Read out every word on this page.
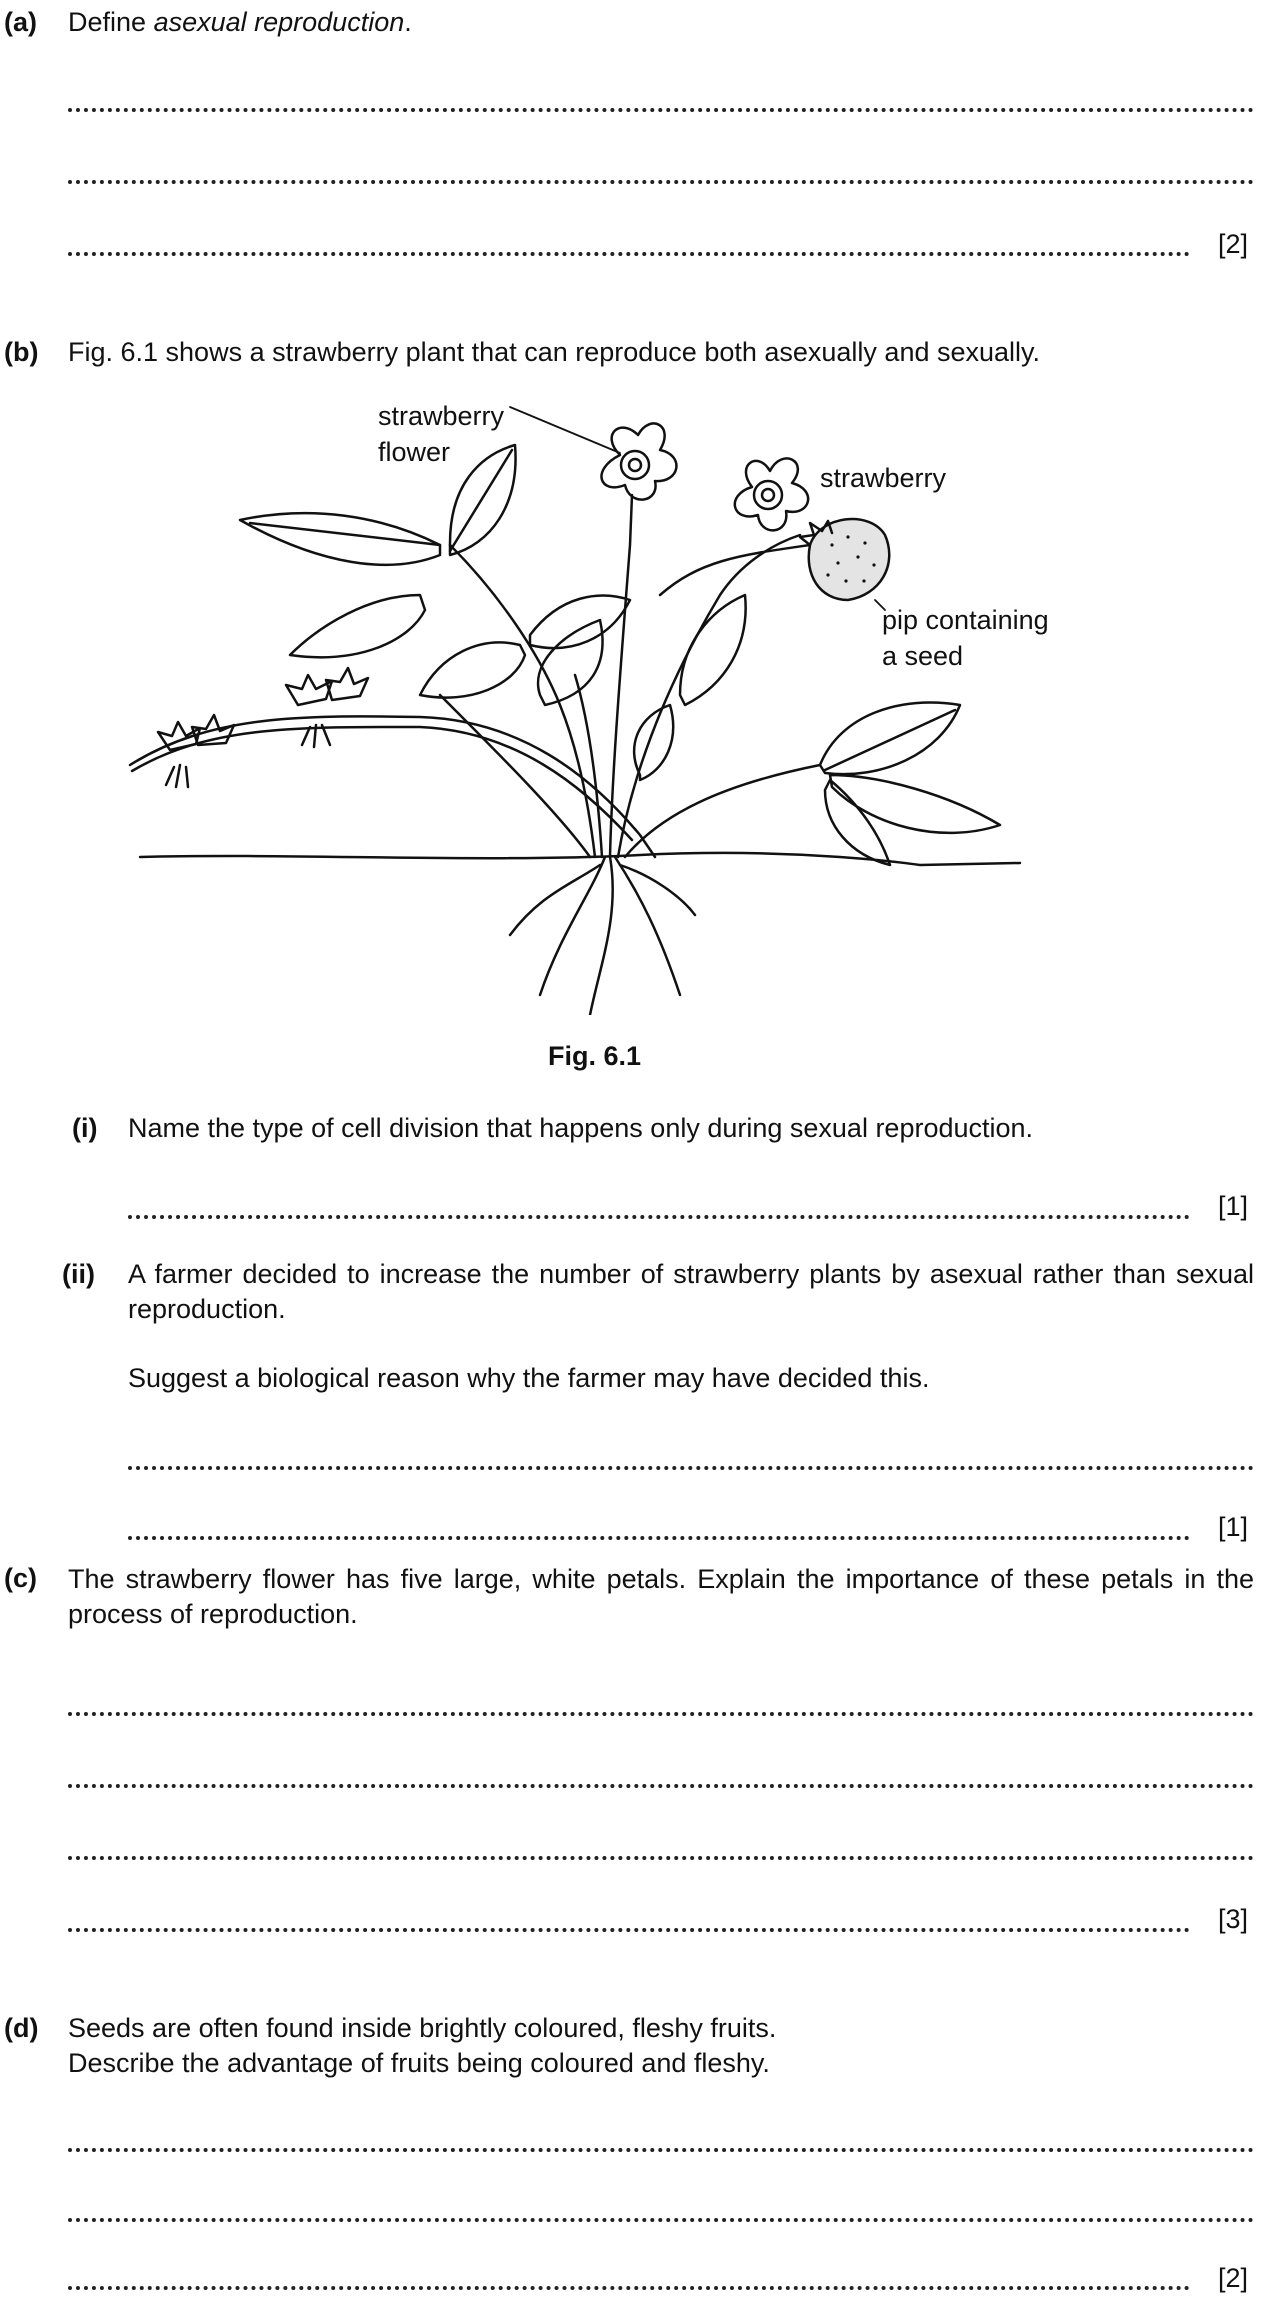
(a) Define asexual reproduction.
[2]
(b) Fig. 6.1 shows a strawberry plant that can reproduce both asexually and sexually.
strawberry
flower
strawberry
pip containing
a seed
Fig. 6.1
(i) Name the type of cell division that happens only during sexual reproduction.
[1]
(ii) A farmer decided to increase the number of strawberry plants by asexual rather than sexual reproduction.
Suggest a biological reason why the farmer may have decided this.
[1]
(c) The strawberry flower has five large, white petals. Explain the importance of these petals in the process of reproduction.
[3]
(d) Seeds are often found inside brightly coloured, fleshy fruits.
Describe the advantage of fruits being coloured and fleshy.
[2]
